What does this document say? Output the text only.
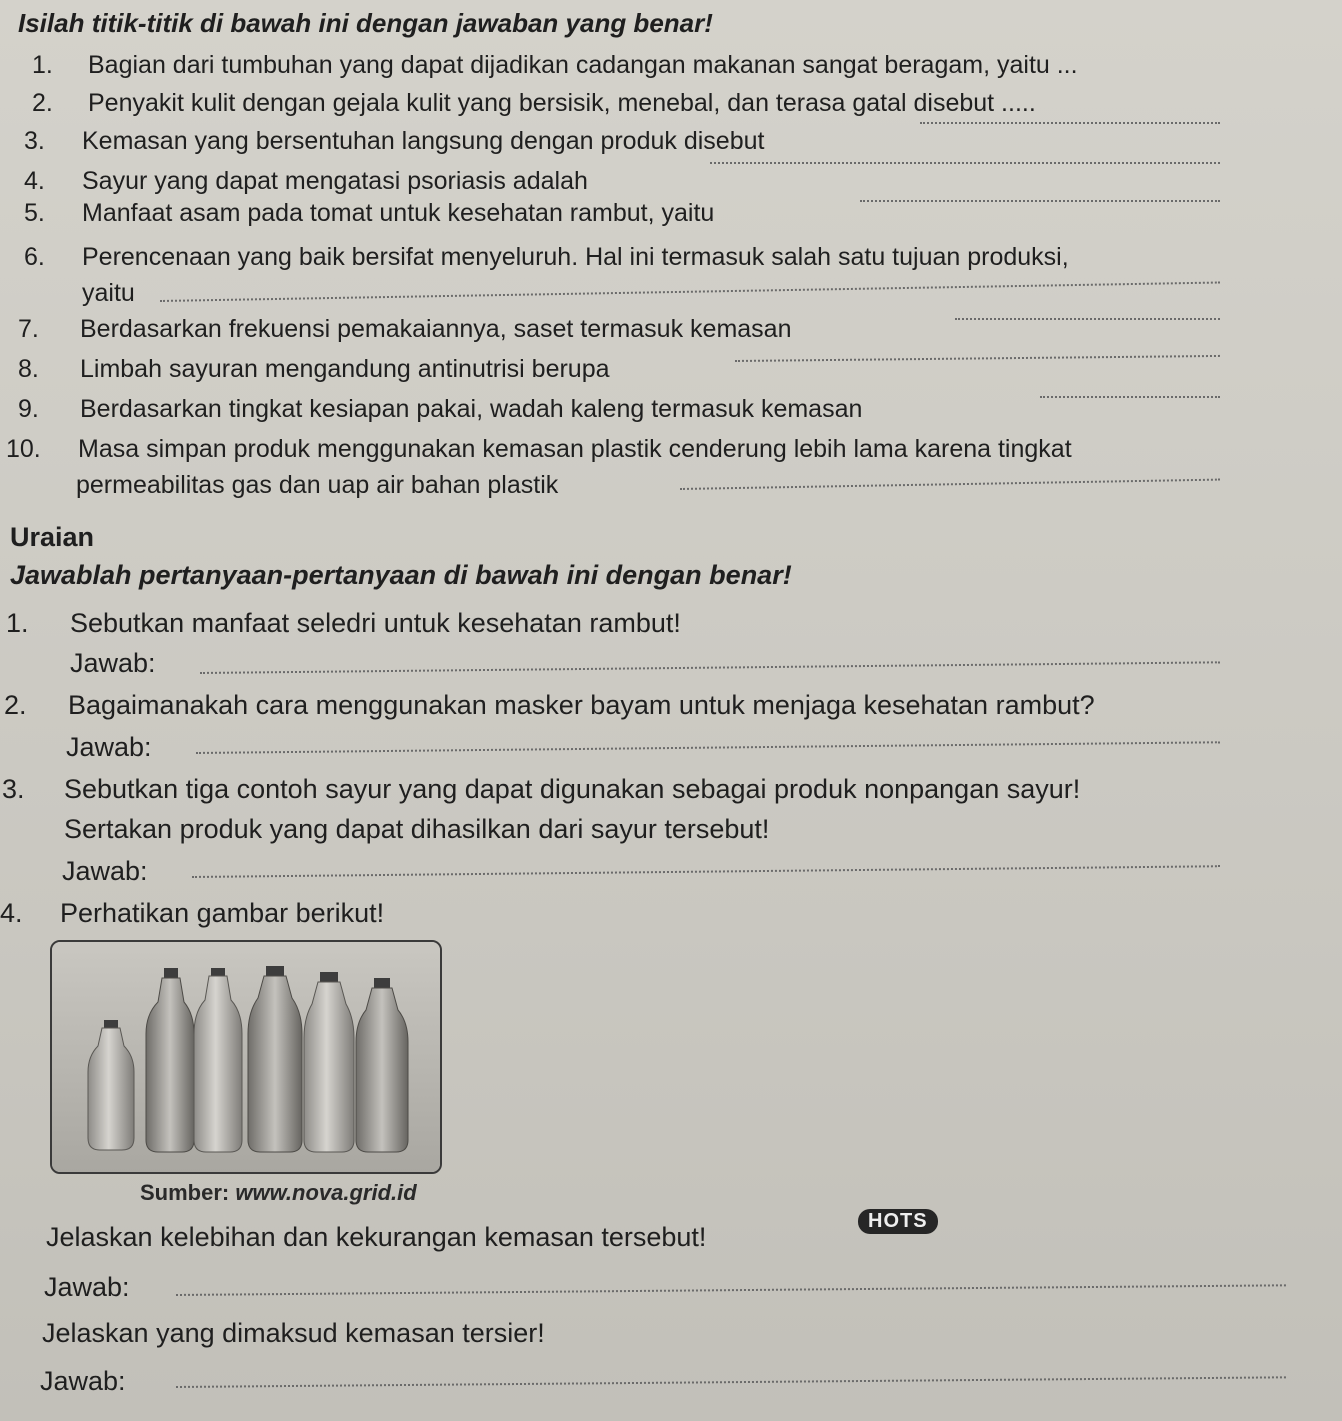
Isilah titik-titik di bawah ini dengan jawaban yang benar!
1. Bagian dari tumbuhan yang dapat dijadikan cadangan makanan sangat beragam, yaitu ...
2. Penyakit kulit dengan gejala kulit yang bersisik, menebal, dan terasa gatal disebut .....
3. Kemasan yang bersentuhan langsung dengan produk disebut
4. Sayur yang dapat mengatasi psoriasis adalah
5. Manfaat asam pada tomat untuk kesehatan rambut, yaitu
6. Perencenaan yang baik bersifat menyeluruh. Hal ini termasuk salah satu tujuan produksi,
yaitu
7. Berdasarkan frekuensi pemakaiannya, saset termasuk kemasan
8. Limbah sayuran mengandung antinutrisi berupa
9. Berdasarkan tingkat kesiapan pakai, wadah kaleng termasuk kemasan
10. Masa simpan produk menggunakan kemasan plastik cenderung lebih lama karena tingkat
permeabilitas gas dan uap air bahan plastik
Uraian
Jawablah pertanyaan-pertanyaan di bawah ini dengan benar!
1. Sebutkan manfaat seledri untuk kesehatan rambut!
Jawab:
2. Bagaimanakah cara menggunakan masker bayam untuk menjaga kesehatan rambut?
Jawab:
3. Sebutkan tiga contoh sayur yang dapat digunakan sebagai produk nonpangan sayur!
Sertakan produk yang dapat dihasilkan dari sayur tersebut!
Jawab:
4. Perhatikan gambar berikut!
Sumber: www.nova.grid.id
Jelaskan kelebihan dan kekurangan kemasan tersebut!
HOTS
Jawab:
Jelaskan yang dimaksud kemasan tersier!
Jawab:
